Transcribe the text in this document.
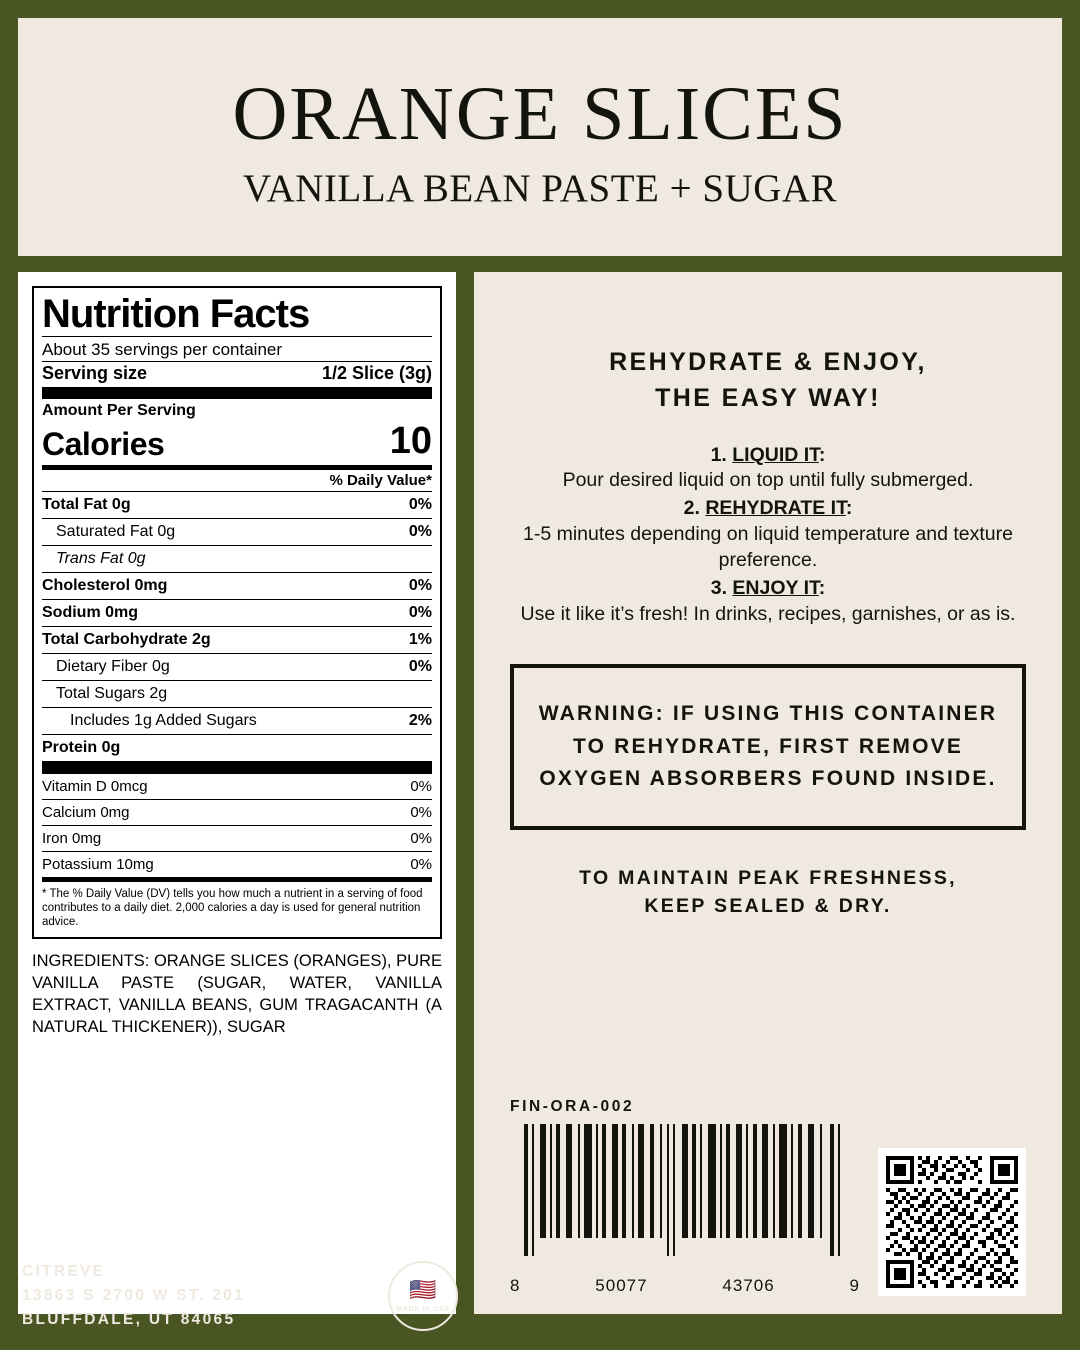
ORANGE SLICES
VANILLA BEAN PASTE + SUGAR
Nutrition Facts
About 35 servings per container
Serving size	1/2 Slice (3g)
Amount Per Serving
Calories	10
% Daily Value*
Total Fat 0g	0%
Saturated Fat 0g	0%
Trans Fat 0g
Cholesterol 0mg	0%
Sodium 0mg	0%
Total Carbohydrate 2g	1%
Dietary Fiber 0g	0%
Total Sugars 2g
Includes 1g Added Sugars	2%
Protein 0g
Vitamin D 0mcg	0%
Calcium 0mg	0%
Iron 0mg	0%
Potassium 10mg	0%
* The % Daily Value (DV) tells you how much a nutrient in a serving of food contributes to a daily diet. 2,000 calories a day is used for general nutrition advice.
INGREDIENTS: ORANGE SLICES (ORANGES), PURE VANILLA PASTE (SUGAR, WATER, VANILLA EXTRACT, VANILLA BEANS, GUM TRAGACANTH (A NATURAL THICKENER)), SUGAR
REHYDRATE & ENJOY,
THE EASY WAY!
1. LIQUID IT:
Pour desired liquid on top until fully submerged.
2. REHYDRATE IT:
1-5 minutes depending on liquid temperature and texture preference.
3. ENJOY IT:
Use it like it’s fresh! In drinks, recipes, garnishes, or as is.
WARNING: IF USING THIS CONTAINER TO REHYDRATE, FIRST REMOVE OXYGEN ABSORBERS FOUND INSIDE.
TO MAINTAIN PEAK FRESHNESS,
KEEP SEALED & DRY.
FIN-ORA-002
8	50077	43706	9
CITREVE
13863 S 2700 W ST. 201
BLUFFDALE, UT 84065
🇺🇸
MADE IN USA
